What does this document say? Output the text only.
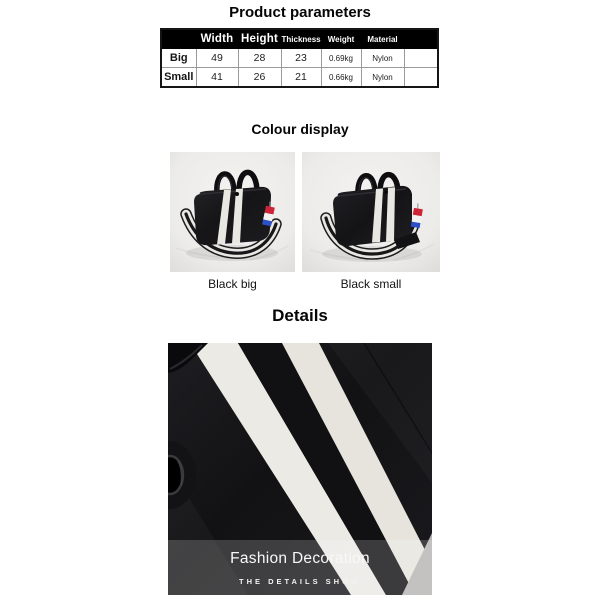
Product parameters
	Width	Height	Thickness	Weight	Material	
Big	49	28	23	0.69kg	Nylon	
Small	41	26	21	0.66kg	Nylon	
Colour display
Black big	Black small
Details
Fashion Decoration
THE DETAILS SHOW
